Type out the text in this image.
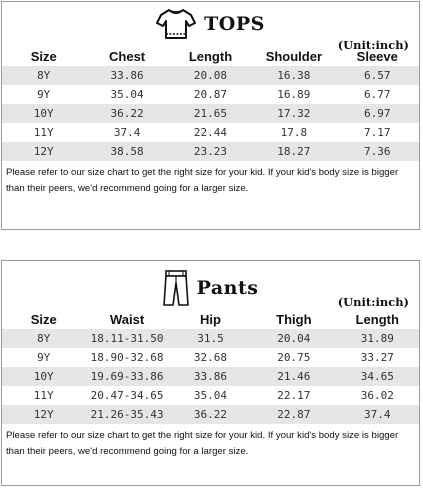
TOPS
(Unit:inch)
Size	Chest	Length	Shoulder	Sleeve
8Y	33.86	20.08	16.38	6.57
9Y	35.04	20.87	16.89	6.77
10Y	36.22	21.65	17.32	6.97
11Y	37.4	22.44	17.8	7.17
12Y	38.58	23.23	18.27	7.36
Please refer to our size chart to get the right size for your kid. If your kid's body size is bigger than their peers, we'd recommend going for a larger size.
Pants
(Unit:inch)
Size	Waist	Hip	Thigh	Length
8Y	18.11-31.50	31.5	20.04	31.89
9Y	18.90-32.68	32.68	20.75	33.27
10Y	19.69-33.86	33.86	21.46	34.65
11Y	20.47-34.65	35.04	22.17	36.02
12Y	21.26-35.43	36.22	22.87	37.4
Please refer to our size chart to get the right size for your kid. If your kid's body size is bigger than their peers, we'd recommend going for a larger size.
